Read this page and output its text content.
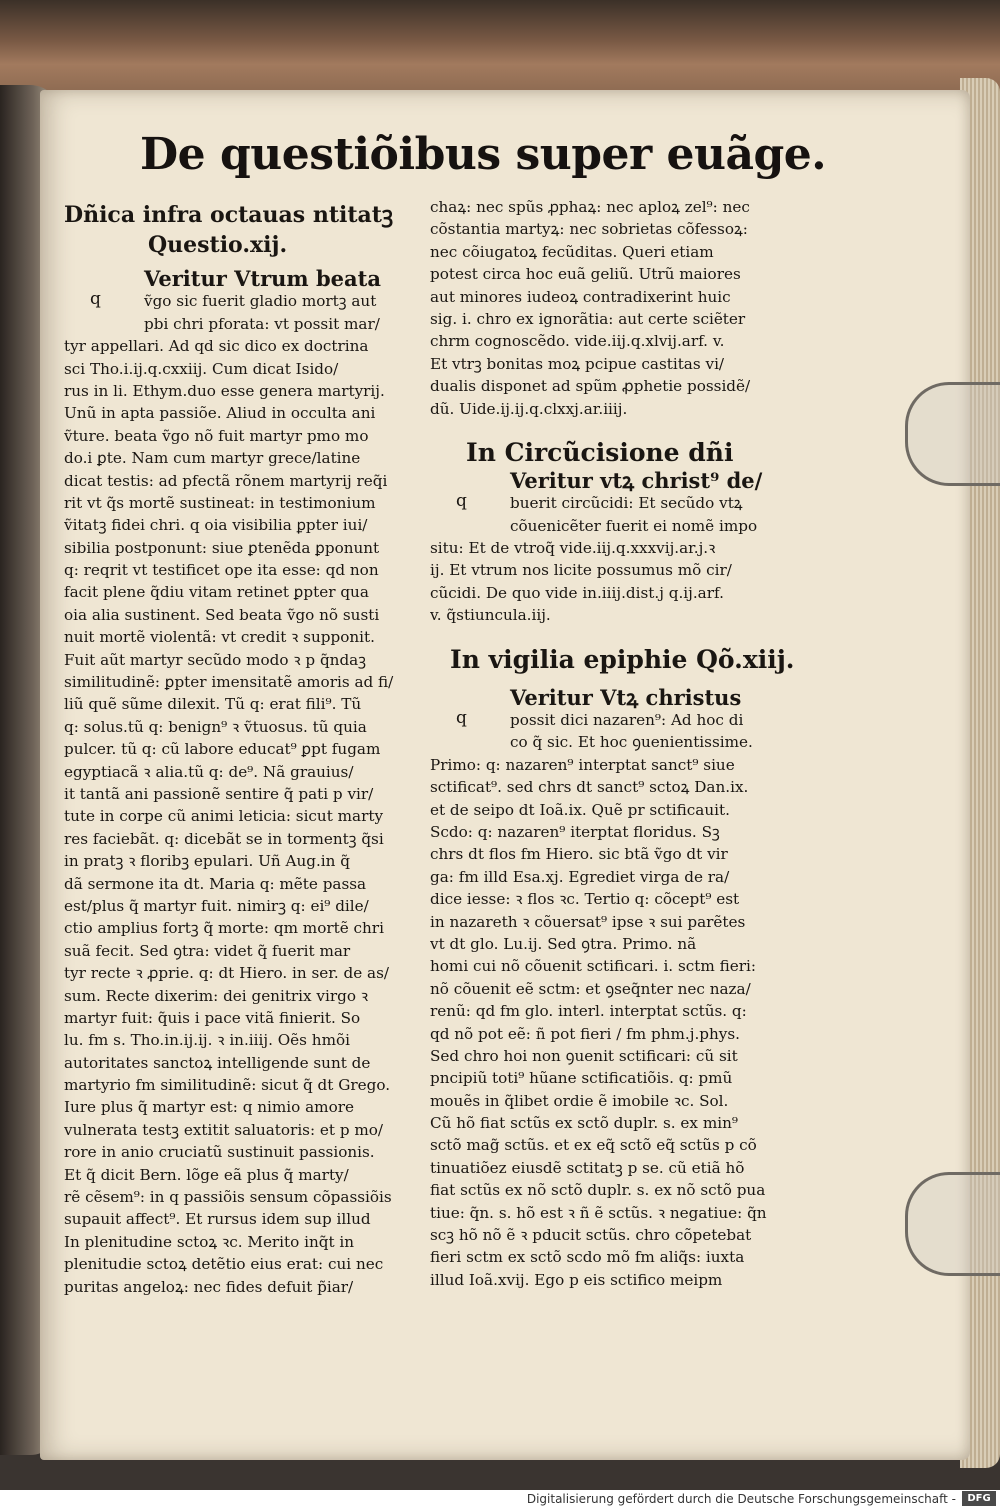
De questiõibus super euãge.
Dñica infra octauas ntitatꝫ
Questio.xij.
q
Veritur Vtrum beata
ṽgo sic fuerit gladio mortꝫ aut
pbi chri pforata: vt possit mar/
tyr appellari. Ad qd sic dico ex doctrina
sci Tho.i.ij.q.cxxiij. Cum dicat Isido/
rus in li. Ethym.duo esse genera martyrij.
Unũ in apta passiõe. Aliud in occulta ani
ṽture. beata ṽgo nõ fuit martyr pmo mo
do.i ꝑte. Nam cum martyr grece/latine
dicat testis: ad pfectã rõnem martyrij req̃i
rit vt q̃s mortẽ sustineat: in testimonium
ṽitatꝫ fidei chri. q oia visibilia ꝑpter iui/
sibilia postponunt: siue ꝑtenẽda ꝑponunt
q: reqrit vt testificet ope ita esse: qd non
facit plene q̃diu vitam retinet ꝑpter qua
oia alia sustinent. Sed beata ṽgo nõ susti
nuit mortẽ violentã: vt credit ꝛ supponit.
Fuit aũt martyr secũdo modo ꝛ p q̃ndaꝫ
similitudinẽ: ꝑpter imensitatẽ amoris ad fi/
liũ quẽ sũme dilexit. Tũ q: erat fili⁹. Tũ
q: solus.tũ q: benign⁹ ꝛ ṽtuosus. tũ quia
pulcer. tũ q: cũ labore educat⁹ ꝑpt fugam
egyptiacã ꝛ alia.tũ q: de⁹. Nã grauius/
it tantã ani passionẽ sentire q̃ pati p vir/
tute in corpe cũ animi leticia: sicut marty
res faciebãt. q: dicebãt se in tormentꝫ q̃si
in pratꝫ ꝛ floribꝫ epulari. Uñ Aug.in q̃
dã sermone ita dt. Maria q: mẽte passa
est/plus q̃ martyr fuit. nimirꝫ q: ei⁹ dile/
ctio amplius fortꝫ q̃ morte: qm mortẽ chri
suã fecit. Sed ꝯtra: videt q̃ fuerit mar
tyr recte ꝛ ꝓprie. q: dt Hiero. in ser. de as/
sum. Recte dixerim: dei genitrix virgo ꝛ
martyr fuit: q̃uis i pace vitã finierit. So
lu. fm s. Tho.in.ij.ij. ꝛ in.iiij. Oẽs hmõi
autoritates sanctoꝝ intelligende sunt de
martyrio fm similitudinẽ: sicut q̃ dt Grego.
Iure plus q̃ martyr est: q nimio amore
vulnerata testꝫ extitit saluatoris: et p mo/
rore in anio cruciatũ sustinuit passionis.
Et q̃ dicit Bern. lõge eã plus q̃ marty/
rẽ cẽsem⁹: in q passiõis sensum cõpassiõis
supauit affect⁹. Et rursus idem sup illud
In plenitudine sctoꝝ ꝛc. Merito inq̃t in
plenitudie sctoꝝ detẽtio eius erat: cui nec
puritas angeloꝝ: nec fides defuit p̃iar/
chaꝝ: nec spũs ꝓphaꝝ: nec aploꝝ zel⁹: nec
cõstantia martyꝝ: nec sobrietas cõfessoꝝ:
nec cõiugatoꝝ fecũditas. Queri etiam
potest circa hoc euã geliũ. Utrũ maiores
aut minores iudeoꝝ contradixerint huic
sig. i. chro ex ignorãtia: aut certe sciẽter
chrm cognoscẽdo. vide.iij.q.xlvij.arf. v.
Et vtrꝫ bonitas moꝝ pcipue castitas vi/
dualis disponet ad spũm ꝓphetie possidẽ/
dũ. Uide.ij.ij.q.clxxj.ar.iiij.
In Circũcisione dñi
q
Veritur vtꝝ christ⁹ de/
buerit circũcidi: Et secũdo vtꝝ
cõuenicẽter fuerit ei nomẽ impo
situ: Et de vtroq̃ vide.iij.q.xxxvij.ar.j.ꝛ
ij. Et vtrum nos licite possumus mõ cir/
cũcidi. De quo vide in.iiij.dist.j q.ij.arf.
v. q̃stiuncula.iij.
In vigilia epiphie Qõ.xiij.
q
Veritur Vtꝝ christus
possit dici nazaren⁹: Ad hoc di
co q̃ sic. Et hoc ꝯuenientissime.
Primo: q: nazaren⁹ interptat sanct⁹ siue
sctificat⁹. sed chrs dt sanct⁹ sctoꝝ Dan.ix.
et de seipo dt Ioã.ix. Quẽ pr sctificauit.
Scdo: q: nazaren⁹ iterptat floridus. Sꝫ
chrs dt flos fm Hiero. sic btã ṽgo dt vir
ga: fm illd Esa.xj. Egrediet virga de ra/
dice iesse: ꝛ flos ꝛc. Tertio q: cõcept⁹ est
in nazareth ꝛ cõuersat⁹ ipse ꝛ sui parẽtes
vt dt glo. Lu.ij. Sed ꝯtra. Primo. nã
homi cui nõ cõuenit sctificari. i. sctm fieri:
nõ cõuenit eẽ sctm: et ꝯseq̃nter nec naza/
renũ: qd fm glo. interl. interptat sctũs. q:
qd nõ pot eẽ: ñ pot fieri / fm phm.j.phys.
Sed chro hoi non ꝯuenit sctificari: cũ sit
pncipiũ toti⁹ hũane sctificatiõis. q: pmũ
mouẽs in q̃libet ordie ẽ imobile ꝛc. Sol.
Cũ hõ fiat sctũs ex sctõ duplr. s. ex min⁹
sctõ mag̃ sctũs. et ex eq̃ sctõ eq̃ sctũs p cõ
tinuatiõez eiusdẽ sctitatꝫ p se. cũ etiã hõ
fiat sctũs ex nõ sctõ duplr. s. ex nõ sctõ pua
tiue: q̃n. s. hõ est ꝛ ñ ẽ sctũs. ꝛ negatiue: q̃n
scꝫ hõ nõ ẽ ꝛ pducit sctũs. chro cõpetebat
fieri sctm ex sctõ scdo mõ fm aliq̃s: iuxta
illud Ioã.xvij. Ego p eis sctifico meipm
Digitalisierung gefördert durch die Deutsche Forschungsgemeinschaft -	DFG
